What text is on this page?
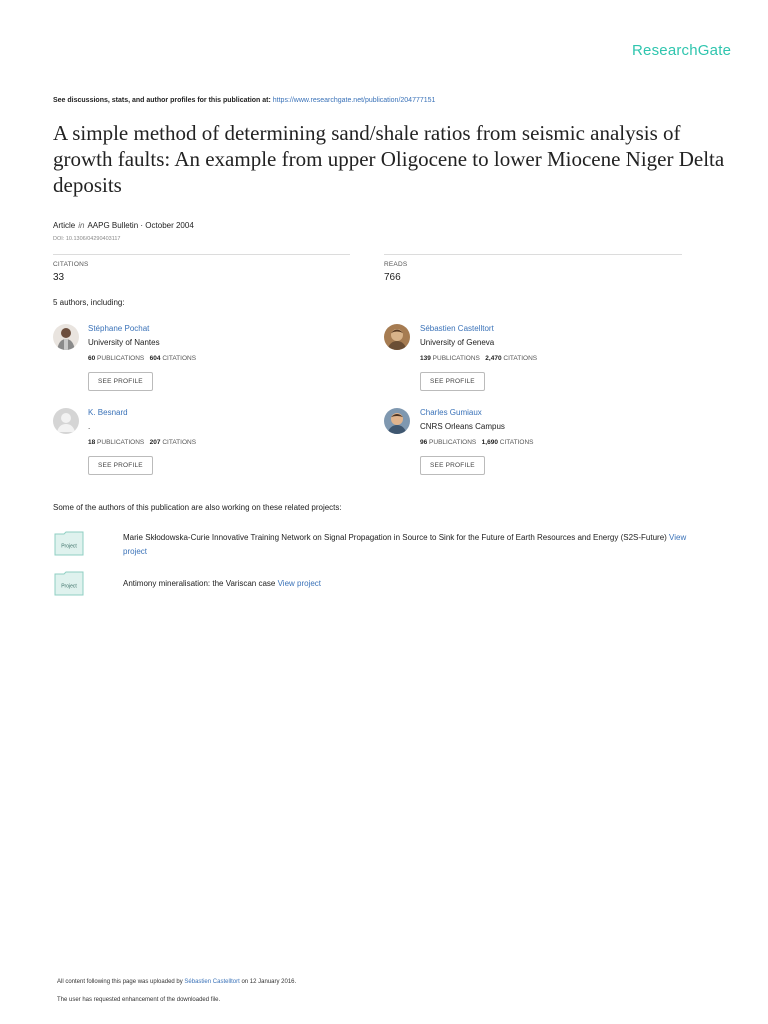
ResearchGate
See discussions, stats, and author profiles for this publication at: https://www.researchgate.net/publication/204777151
A simple method of determining sand/shale ratios from seismic analysis of growth faults: An example from upper Oligocene to lower Miocene Niger Delta deposits
Article in AAPG Bulletin · October 2004
DOI: 10.1306/04290403117
CITATIONS
33
READS
766
5 authors, including:
Stéphane Pochat
University of Nantes
60 PUBLICATIONS 604 CITATIONS
SEE PROFILE
Sébastien Castelltort
University of Geneva
139 PUBLICATIONS 2,470 CITATIONS
SEE PROFILE
K. Besnard
.
18 PUBLICATIONS 207 CITATIONS
SEE PROFILE
Charles Gumiaux
CNRS Orleans Campus
96 PUBLICATIONS 1,690 CITATIONS
SEE PROFILE
Some of the authors of this publication are also working on these related projects:
Project
Marie Skłodowska-Curie Innovative Training Network on Signal Propagation in Source to Sink for the Future of Earth Resources and Energy (S2S-Future) View
project
Project	Antimony mineralisation: the Variscan case View project
All content following this page was uploaded by Sébastien Castelltort on 12 January 2016.
The user has requested enhancement of the downloaded file.
